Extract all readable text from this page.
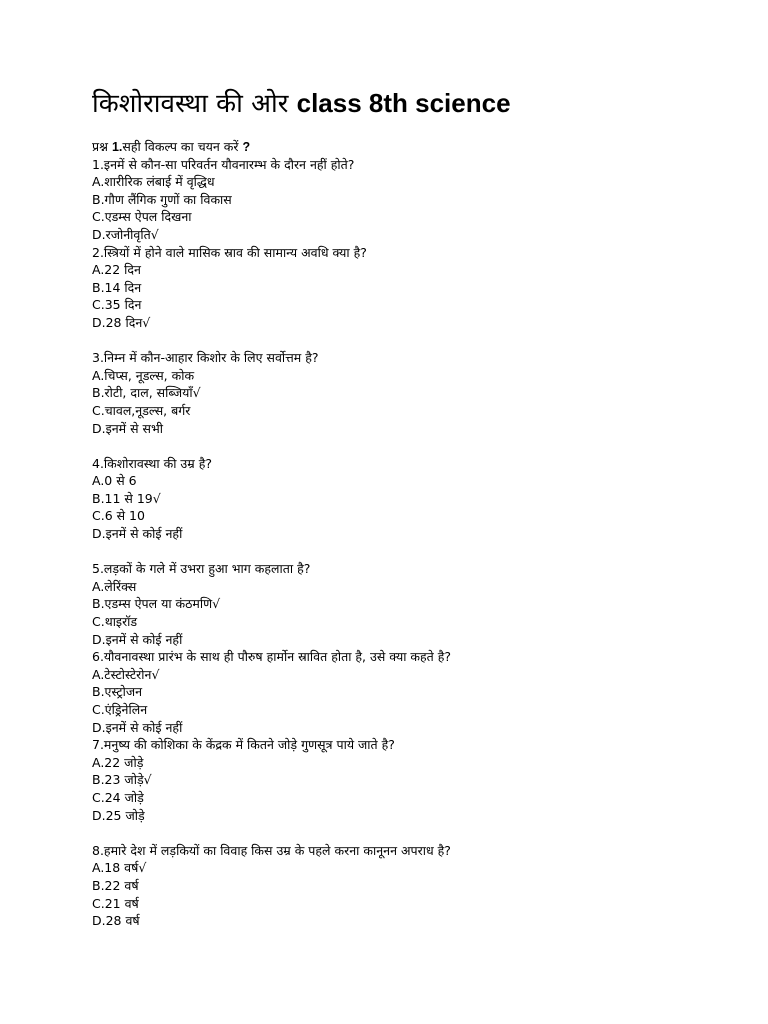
किशोरावस्था की ओर class 8th science
प्रश्न 1.सही विकल्प का चयन करें ?
1.इनमें से कौन-सा परिवर्तन यौवनारम्भ के दौरन नहीं होते?
A.शारीरिक लंबाई में वृद्धिध
B.गौण लैंगिक गुणों का विकास
C.एडम्स ऐपल दिखना
D.रजोनीवृति√
2.स्त्रियों में होने वाले मासिक स्राव की सामान्य अवधि क्या है?
A.22 दिन
B.14 दिन
C.35 दिन
D.28 दिन√
3.निम्न में कौन-आहार किशोर के लिए सर्वोत्तम है?
A.चिप्स, नूडल्स, कोक
B.रोटी, दाल, सब्जियाँ√
C.चावल,नूडल्स, बर्गर
D.इनमें से सभी
4.किशोरावस्था की उम्र है?
A.0 से 6
B.11 से 19√
C.6 से 10
D.इनमें से कोई नहीं
5.लड़कों के गले में उभरा हुआ भाग कहलाता है?
A.लेरिंक्स
B.एडम्स ऐपल या कंठमणि√
C.थाइरॉड
D.इनमें से कोई नहीं
6.यौवनावस्था प्रारंभ के साथ ही पौरुष हार्मोन स्रावित होता है, उसे क्या कहते है?
A.टेस्टोस्टेरोन√
B.एस्ट्रोजन
C.एंड्रिनेलिन
D.इनमें से कोई नहीं
7.मनुष्य की कोशिका के केंद्रक में कितने जोड़े गुणसूत्र पाये जाते है?
A.22 जोड़े
B.23 जोड़े√
C.24 जोड़े
D.25 जोड़े
8.हमारे देश में लड़कियों का विवाह किस उम्र के पहले करना कानूनन अपराध है?
A.18 वर्ष√
B.22 वर्ष
C.21 वर्ष
D.28 वर्ष
